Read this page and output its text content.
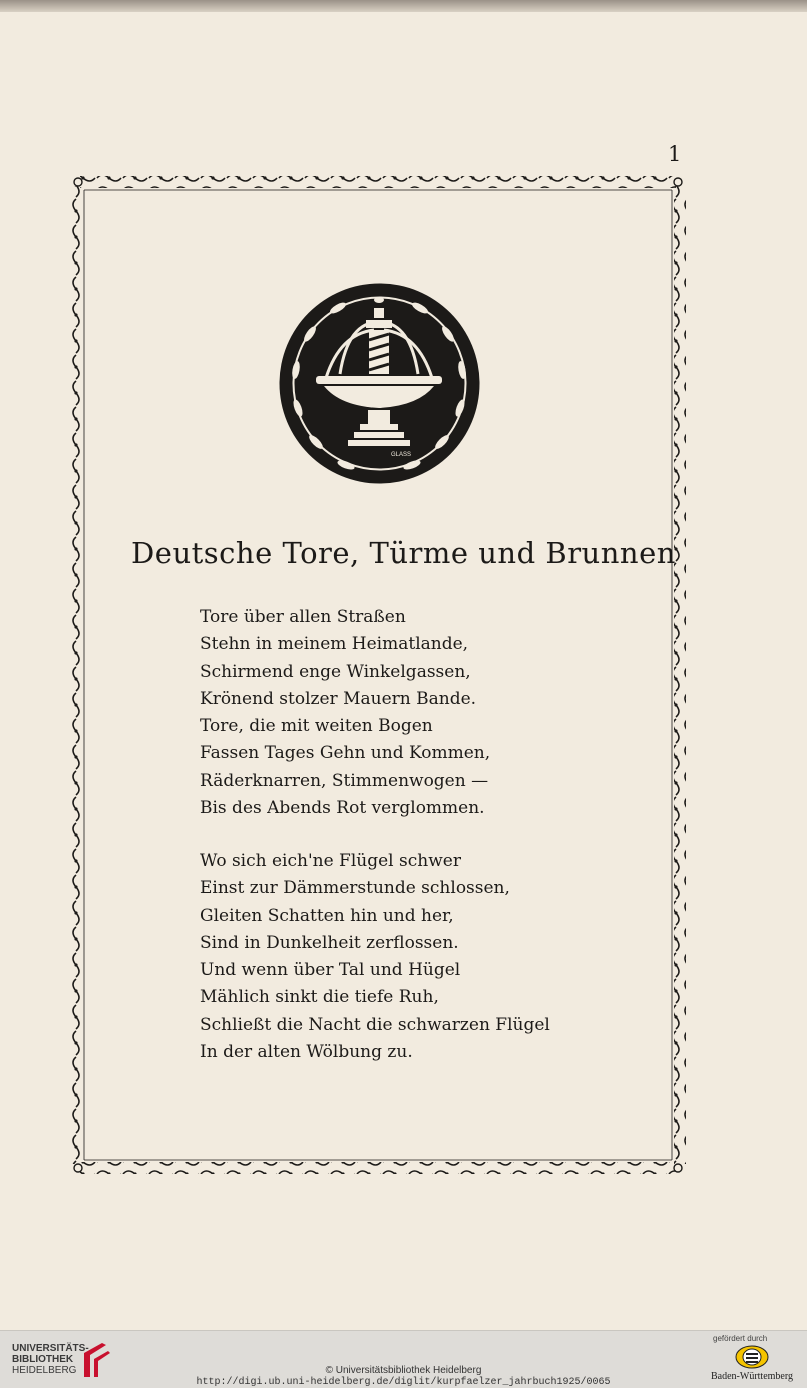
1
GLASS
Deutsche Tore, Türme und Brunnen
Tore über allen Straßen
Stehn in meinem Heimatlande,
Schirmend enge Winkelgassen,
Krönend stolzer Mauern Bande.
Tore, die mit weiten Bogen
Fassen Tages Gehn und Kommen,
Räderknarren, Stimmenwogen —
Bis des Abends Rot verglommen.
Wo sich eich'ne Flügel schwer
Einst zur Dämmerstunde schlossen,
Gleiten Schatten hin und her,
Sind in Dunkelheit zerflossen.
Und wenn über Tal und Hügel
Mählich sinkt die tiefe Ruh,
Schließt die Nacht die schwarzen Flügel
In der alten Wölbung zu.
UNIVERSITÄTS-
BIBLIOTHEK
HEIDELBERG	© Universitätsbibliothek Heidelberg
http://digi.ub.uni-heidelberg.de/diglit/kurpfaelzer_jahrbuch1925/0065
gefördert durch
Baden-Württemberg
